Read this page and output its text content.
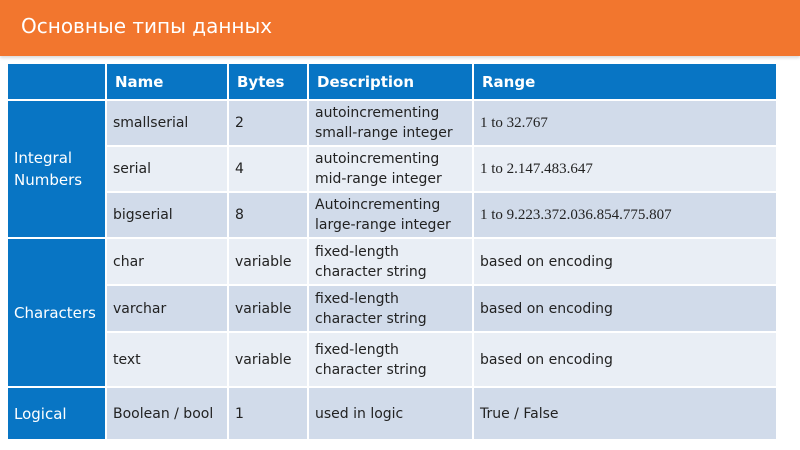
Основные типы данных
	Name	Bytes	Description	Range
Integral Numbers	smallserial	2	autoincrementing small-range integer	1 to 32.767
	serial	4	autoincrementing mid-range integer	1 to 2.147.483.647
	bigserial	8	Autoincrementing large-range integer	1 to 9.223.372.036.854.775.807
Characters	char	variable	fixed-length character string	based on encoding
	varchar	variable	fixed-length character string	based on encoding
	text	variable	fixed-length character string	based on encoding
Logical	Boolean / bool	1	used in logic	True / False
